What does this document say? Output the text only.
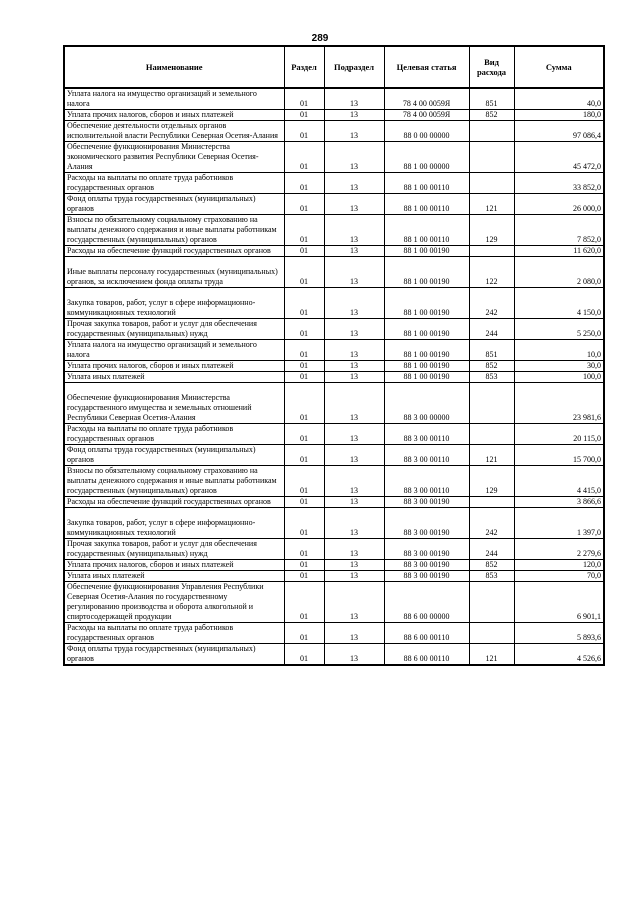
289
Наименование	Раздел	Подраздел	Целевая статья	Вид расхода	Сумма
Уплата налога на имущество организаций и земельного налога	01	13	78 4 00 0059Я	851	40,0
Уплата прочих налогов, сборов и иных платежей	01	13	78 4 00 0059Я	852	180,0
Обеспечение деятельности отдельных органов исполнительной власти Республики Северная Осетия-Алания	01	13	88 0 00 00000		97 086,4
Обеспечение функционирования Министерства экономического развития Республики Северная Осетия-Алания	01	13	88 1 00 00000		45 472,0
Расходы на выплаты по оплате труда работников государственных органов	01	13	88 1 00 00110		33 852,0
Фонд оплаты труда государственных (муниципальных) органов	01	13	88 1 00 00110	121	26 000,0
Взносы по обязательному социальному страхованию на выплаты денежного содержания и иные выплаты работникам государственных (муниципальных) органов	01	13	88 1 00 00110	129	7 852,0
Расходы на обеспечение функций государственных органов	01	13	88 1 00 00190		11 620,0
Иные выплаты персоналу государственных (муниципальных) органов, за исключением фонда оплаты труда	01	13	88 1 00 00190	122	2 080,0
Закупка товаров, работ, услуг в сфере информационно-коммуникационных технологий	01	13	88 1 00 00190	242	4 150,0
Прочая закупка товаров, работ и услуг для обеспечения государственных (муниципальных) нужд	01	13	88 1 00 00190	244	5 250,0
Уплата налога на имущество организаций и земельного налога	01	13	88 1 00 00190	851	10,0
Уплата прочих налогов, сборов и иных платежей	01	13	88 1 00 00190	852	30,0
Уплата иных платежей	01	13	88 1 00 00190	853	100,0
Обеспечение функционирования Министерства государственного имущества и земельных отношений Республики Северная Осетия-Алания	01	13	88 3 00 00000		23 981,6
Расходы на выплаты по оплате труда работников государственных органов	01	13	88 3 00 00110		20 115,0
Фонд оплаты труда государственных (муниципальных) органов	01	13	88 3 00 00110	121	15 700,0
Взносы по обязательному социальному страхованию на выплаты денежного содержания и иные выплаты работникам государственных (муниципальных) органов	01	13	88 3 00 00110	129	4 415,0
Расходы на обеспечение функций государственных органов	01	13	88 3 00 00190		3 866,6
Закупка товаров, работ, услуг в сфере информационно-коммуникационных технологий	01	13	88 3 00 00190	242	1 397,0
Прочая закупка товаров, работ и услуг для обеспечения государственных (муниципальных) нужд	01	13	88 3 00 00190	244	2 279,6
Уплата прочих налогов, сборов и иных платежей	01	13	88 3 00 00190	852	120,0
Уплата иных платежей	01	13	88 3 00 00190	853	70,0
Обеспечение функционирования Управления Республики Северная Осетия-Алания по государственному регулированию производства и оборота алкогольной и спиртосодержащей продукции	01	13	88 6 00 00000		6 901,1
Расходы на выплаты по оплате труда работников государственных органов	01	13	88 6 00 00110		5 893,6
Фонд оплаты труда государственных (муниципальных) органов	01	13	88 6 00 00110	121	4 526,6
